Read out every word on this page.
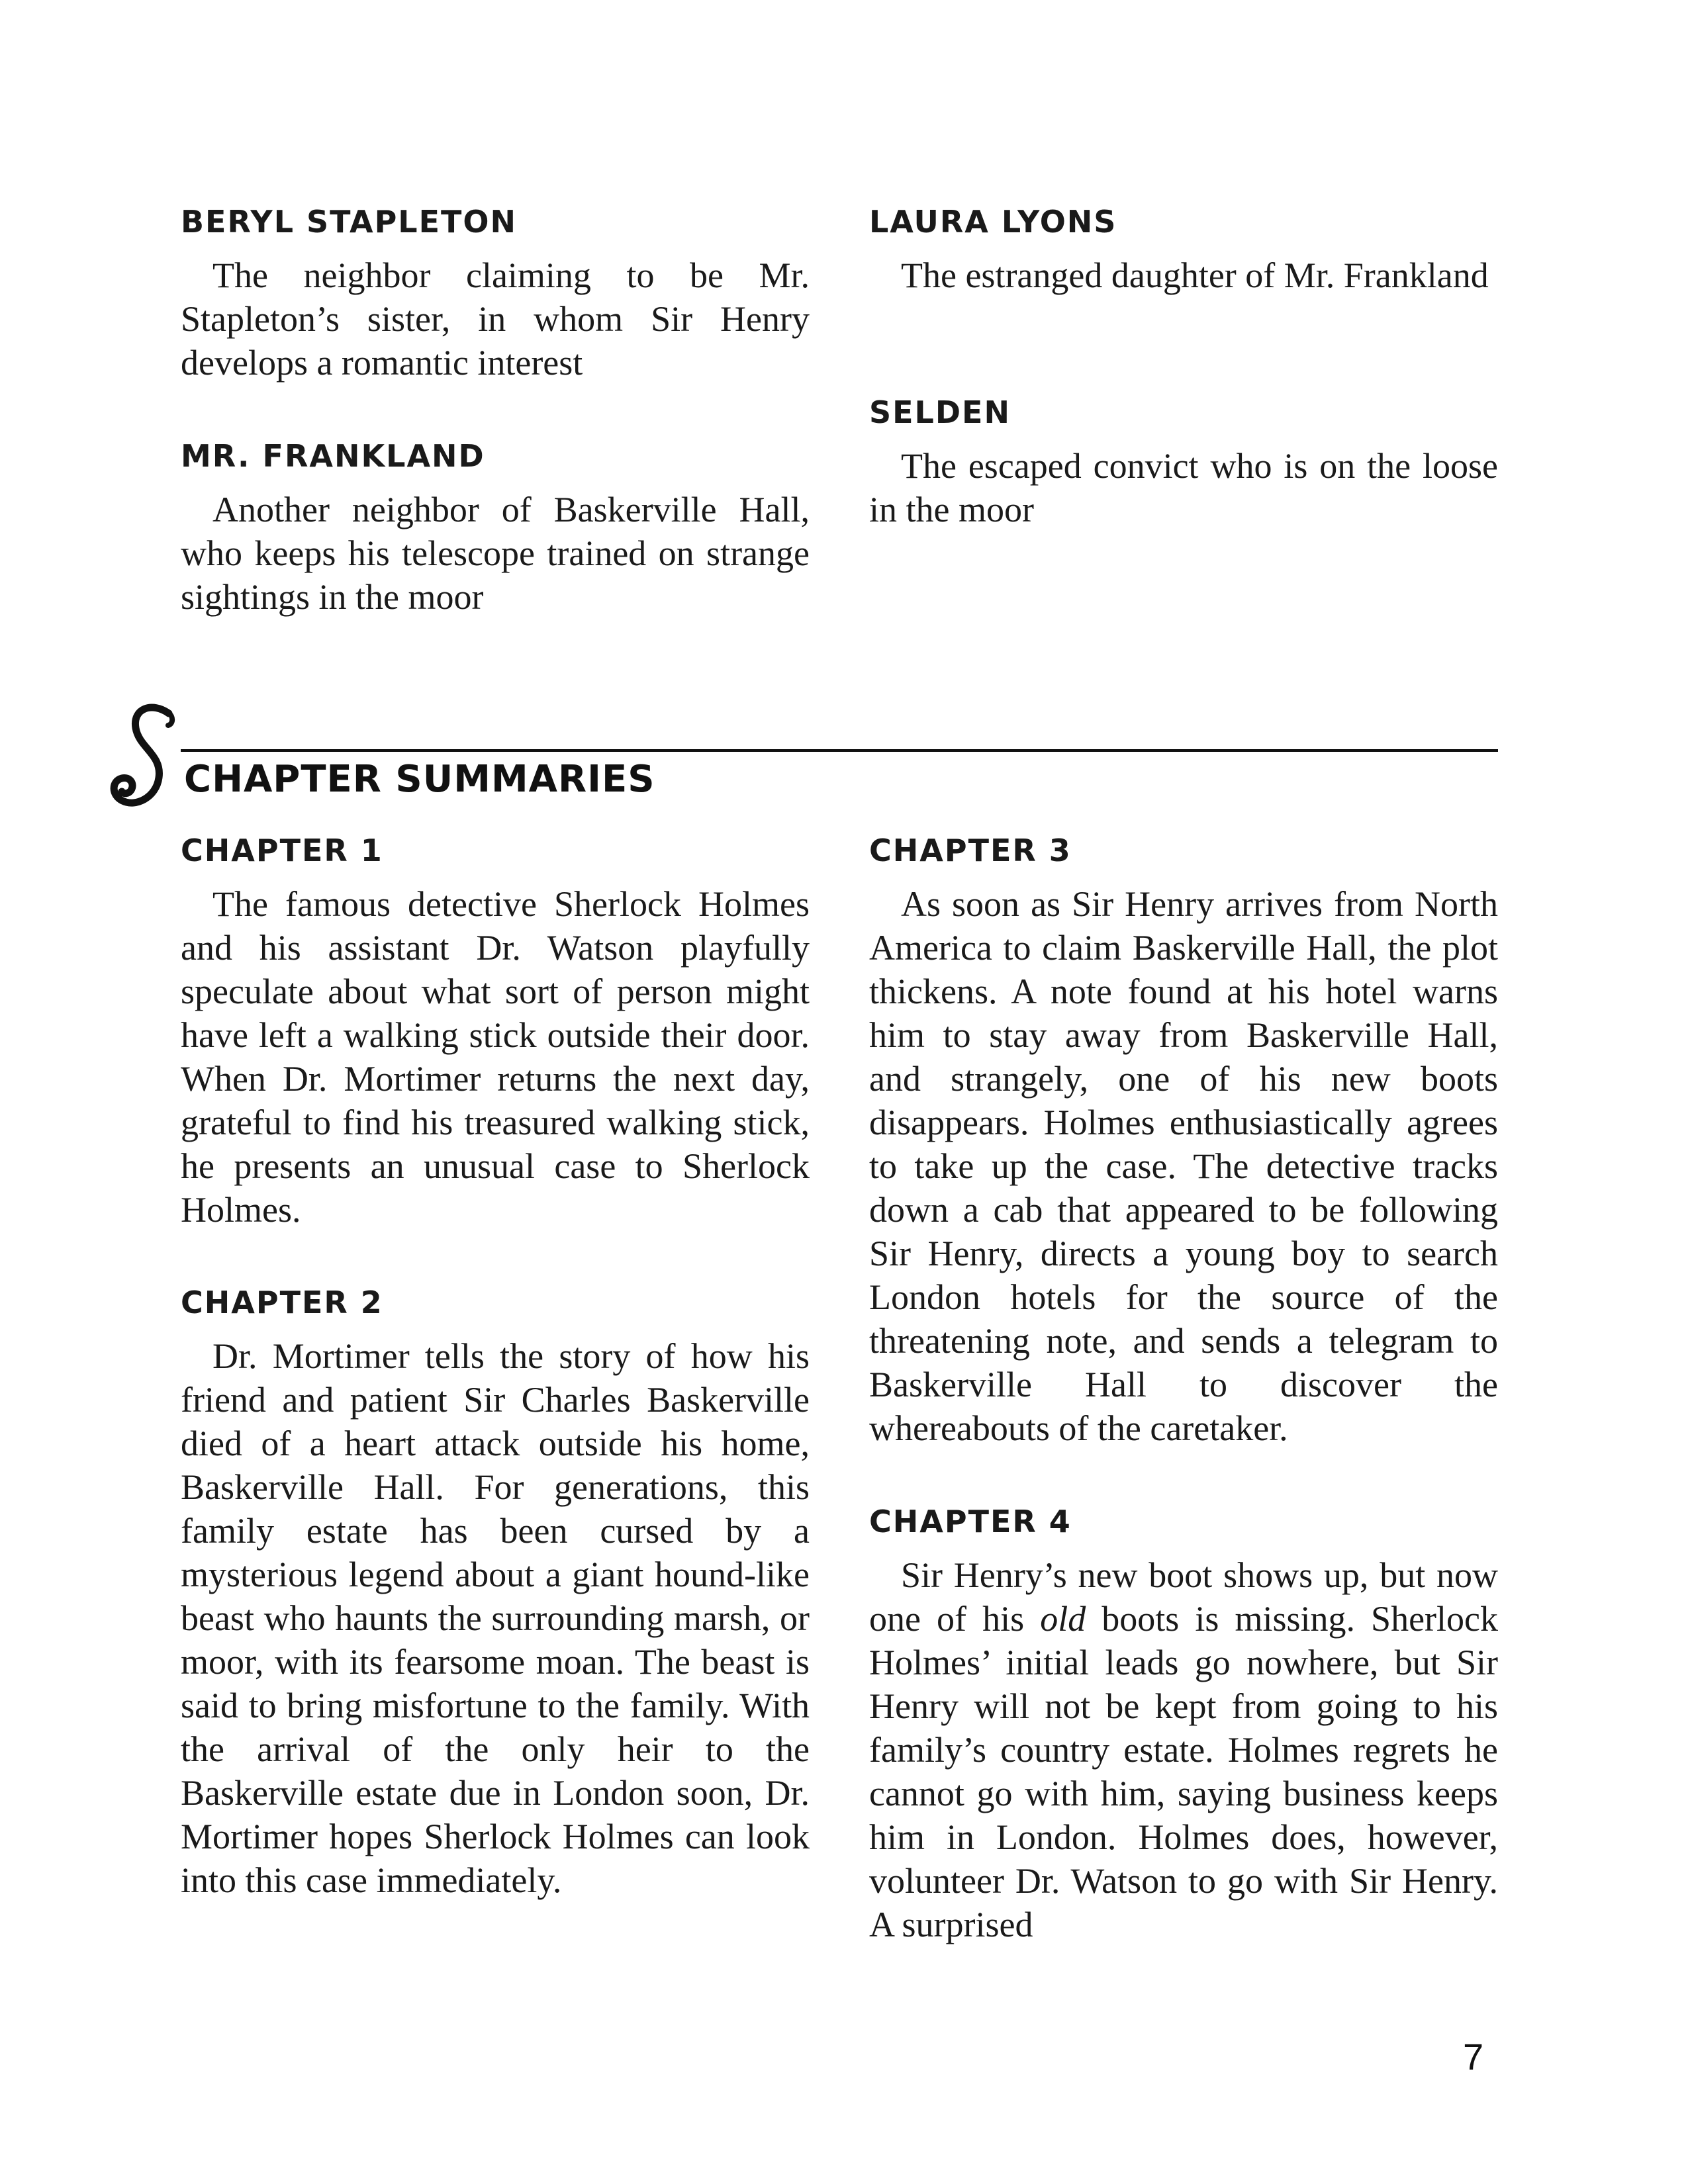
BERYL STAPLETON

The neighbor claiming to be Mr. Stapleton’s sister, in whom Sir Henry develops a romantic interest

MR. FRANKLAND

Another neighbor of Baskerville Hall, who keeps his telescope trained on strange sightings in the moor

LAURA LYONS

The estranged daughter of Mr. Frankland

SELDEN

The escaped convict who is on the loose in the moor

CHAPTER SUMMARIES
CHAPTER 1

The famous detective Sherlock Holmes and his assistant Dr. Watson playfully speculate about what sort of person might have left a walking stick outside their door. When Dr. Mortimer returns the next day, grateful to find his treasured walking stick, he presents an unusual case to Sherlock Holmes.

CHAPTER 2

Dr. Mortimer tells the story of how his friend and patient Sir Charles Baskerville died of a heart attack outside his home, Baskerville Hall. For generations, this family estate has been cursed by a mysterious legend about a giant hound-like beast who haunts the surrounding marsh, or moor, with its fearsome moan. The beast is said to bring misfortune to the family. With the arrival of the only heir to the Baskerville estate due in London soon, Dr. Mortimer hopes Sherlock Holmes can look into this case immediately.

CHAPTER 3

As soon as Sir Henry arrives from North America to claim Baskerville Hall, the plot thickens. A note found at his hotel warns him to stay away from Baskerville Hall, and strangely, one of his new boots disappears. Holmes enthusiastically agrees to take up the case. The detective tracks down a cab that appeared to be following Sir Henry, directs a young boy to search London hotels for the source of the threatening note, and sends a telegram to Baskerville Hall to discover the whereabouts of the caretaker.

CHAPTER 4

Sir Henry’s new boot shows up, but now one of his old boots is missing. Sherlock Holmes’ initial leads go nowhere, but Sir Henry will not be kept from going to his family’s country estate. Holmes regrets he cannot go with him, saying business keeps him in London. Holmes does, however, volunteer Dr. Watson to go with Sir Henry. A surprised

7
